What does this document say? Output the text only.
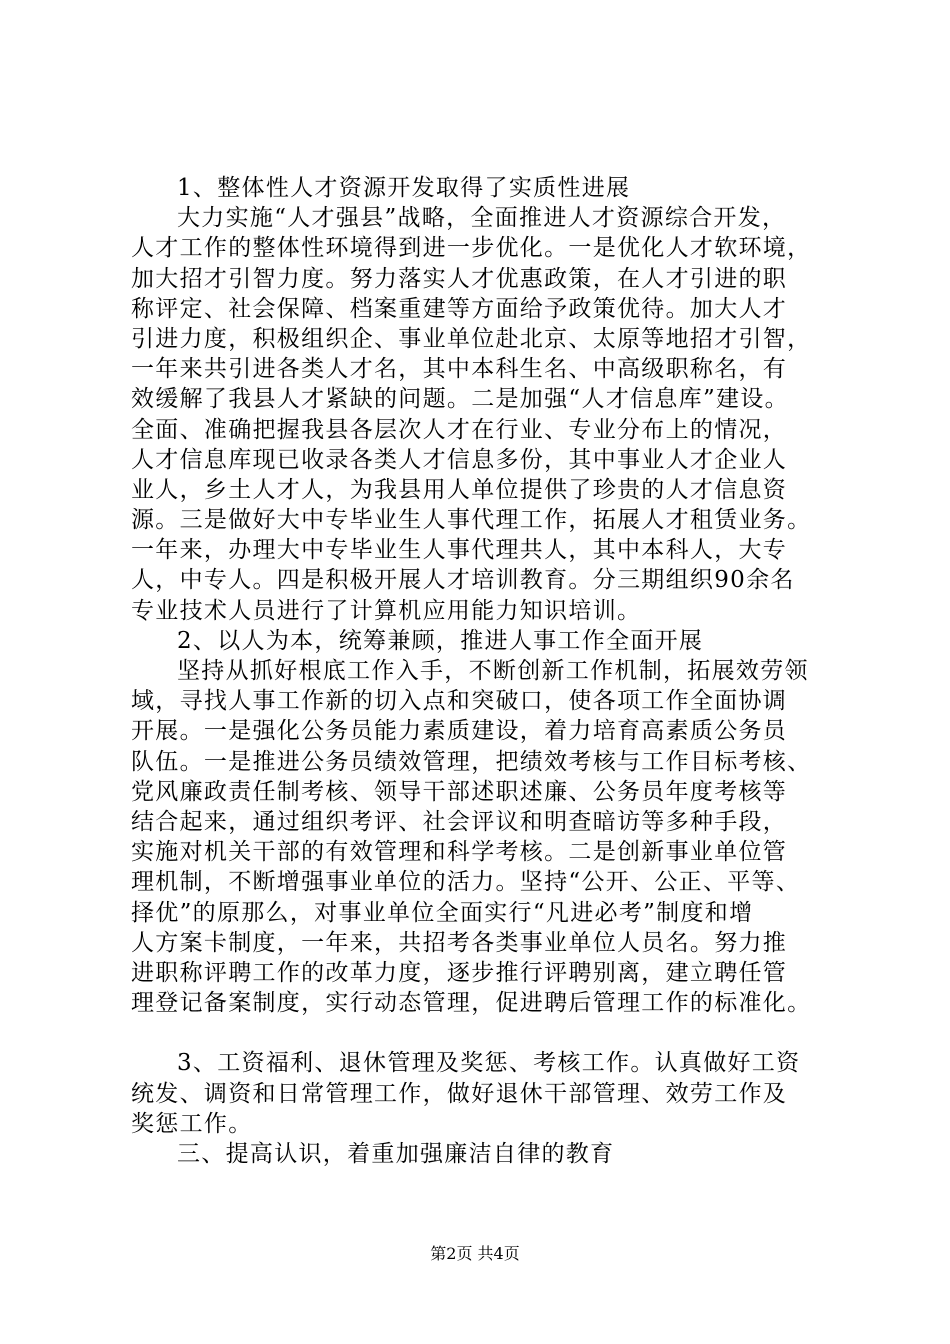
1、整体性人才资源开发取得了实质性进展
大力实施“人才强县”战略，全面推进人才资源综合开发，
人才工作的整体性环境得到进一步优化。一是优化人才软环境，
加大招才引智力度。努力落实人才优惠政策，在人才引进的职
称评定、社会保障、档案重建等方面给予政策优待。加大人才
引进力度，积极组织企、事业单位赴北京、太原等地招才引智，
一年来共引进各类人才名，其中本科生名、中高级职称名，有
效缓解了我县人才紧缺的问题。二是加强“人才信息库”建设。
全面、准确把握我县各层次人才在行业、专业分布上的情况，
人才信息库现已收录各类人才信息多份，其中事业人才企业人
业人，乡土人才人，为我县用人单位提供了珍贵的人才信息资
源。三是做好大中专毕业生人事代理工作，拓展人才租赁业务。
一年来，办理大中专毕业生人事代理共人，其中本科人，大专
人，中专人。四是积极开展人才培训教育。分三期组织90余名
专业技术人员进行了计算机应用能力知识培训。
2、以人为本，统筹兼顾，推进人事工作全面开展
坚持从抓好根底工作入手，不断创新工作机制，拓展效劳领
域，寻找人事工作新的切入点和突破口，使各项工作全面协调
开展。一是强化公务员能力素质建设，着力培育高素质公务员
队伍。一是推进公务员绩效管理，把绩效考核与工作目标考核、
党风廉政责任制考核、领导干部述职述廉、公务员年度考核等
结合起来，通过组织考评、社会评议和明查暗访等多种手段，
实施对机关干部的有效管理和科学考核。二是创新事业单位管
理机制，不断增强事业单位的活力。坚持“公开、公正、平等、
择优”的原那么，对事业单位全面实行“凡进必考”制度和增
人方案卡制度，一年来，共招考各类事业单位人员名。努力推
进职称评聘工作的改革力度，逐步推行评聘别离，建立聘任管
理登记备案制度，实行动态管理，促进聘后管理工作的标准化。
3、工资福利、退休管理及奖惩、考核工作。认真做好工资
统发、调资和日常管理工作，做好退休干部管理、效劳工作及
奖惩工作。
三、提高认识，着重加强廉洁自律的教育
第2页 共4页
